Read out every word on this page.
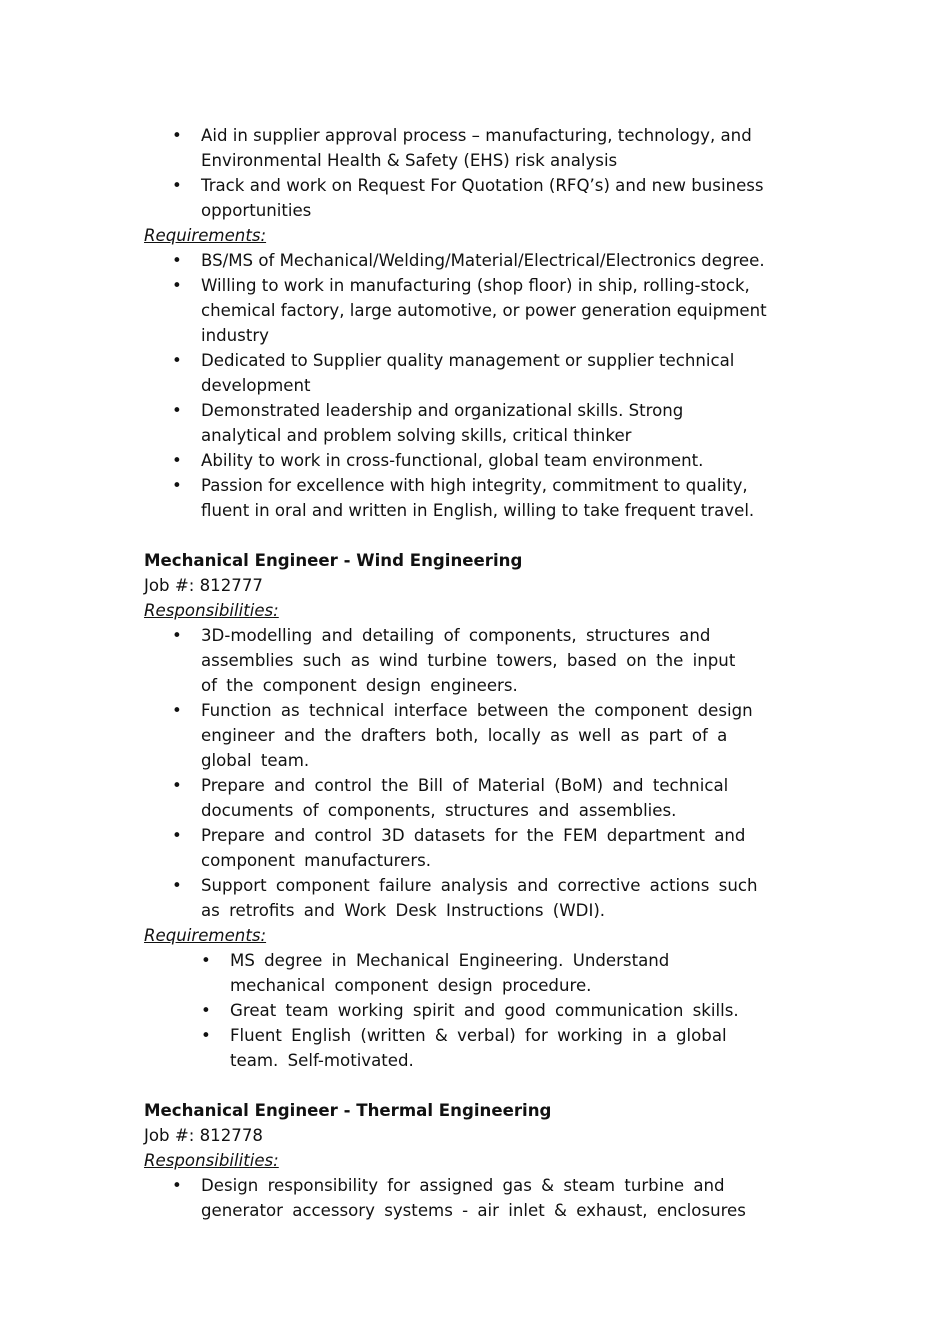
• Aid in supplier approval process – manufacturing, technology, and
Environmental Health & Safety (EHS) risk analysis
• Track and work on Request For Quotation (RFQ’s) and new business
opportunities
Requirements:
• BS/MS of Mechanical/Welding/Material/Electrical/Electronics degree.
• Willing to work in manufacturing (shop floor) in ship, rolling-stock,
chemical factory, large automotive, or power generation equipment
industry
• Dedicated to Supplier quality management or supplier technical
development
• Demonstrated leadership and organizational skills. Strong
analytical and problem solving skills, critical thinker
• Ability to work in cross-functional, global team environment.
• Passion for excellence with high integrity, commitment to quality,
fluent in oral and written in English, willing to take frequent travel.
Mechanical Engineer - Wind Engineering
Job #: 812777
Responsibilities:
• 3D-modelling and detailing of components, structures and
assemblies such as wind turbine towers, based on the input
of the component design engineers.
• Function as technical interface between the component design
engineer and the drafters both, locally as well as part of a
global team.
• Prepare and control the Bill of Material (BoM) and technical
documents of components, structures and assemblies.
• Prepare and control 3D datasets for the FEM department and
component manufacturers.
• Support component failure analysis and corrective actions such
as retrofits and Work Desk Instructions (WDI).
Requirements:
• MS degree in Mechanical Engineering. Understand
mechanical component design procedure.
• Great team working spirit and good communication skills.
• Fluent English (written & verbal) for working in a global
team. Self-motivated.
Mechanical Engineer - Thermal Engineering
Job #: 812778
Responsibilities:
• Design responsibility for assigned gas & steam turbine and
generator accessory systems - air inlet & exhaust, enclosures
